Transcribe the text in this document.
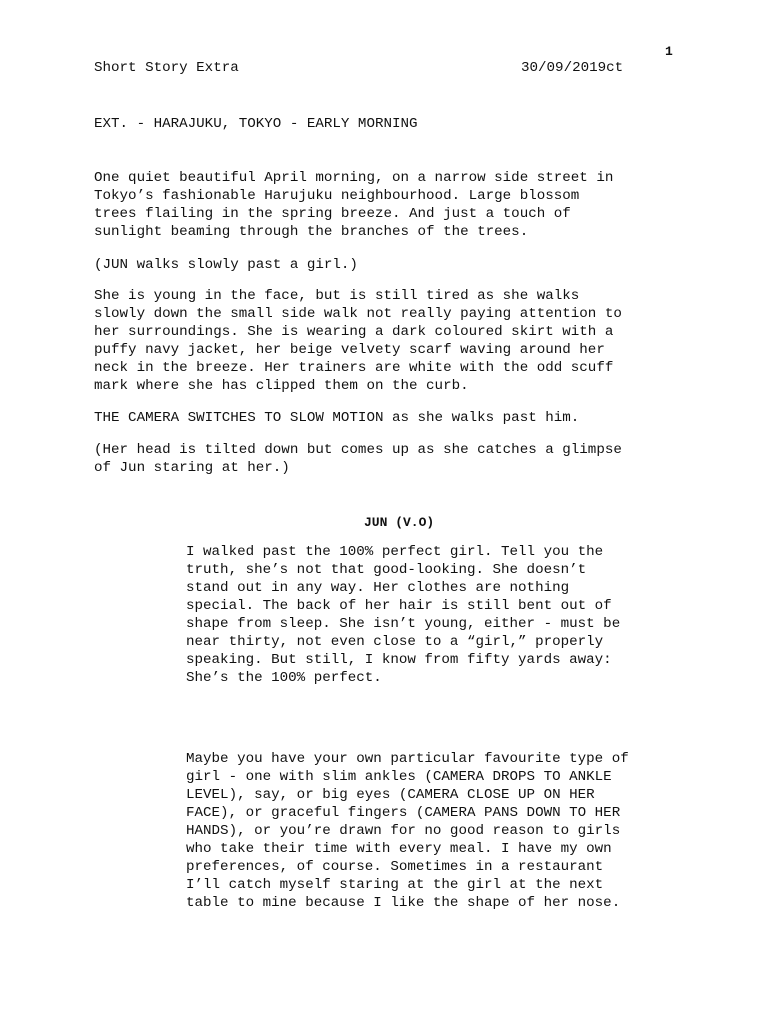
1
Short Story Extra	30/09/2019ct
EXT. - HARAJUKU, TOKYO - EARLY MORNING
One quiet beautiful April morning, on a narrow side street in
Tokyo’s fashionable Harujuku neighbourhood. Large blossom
trees flailing in the spring breeze. And just a touch of
sunlight beaming through the branches of the trees.
(JUN walks slowly past a girl.)
She is young in the face, but is still tired as she walks
slowly down the small side walk not really paying attention to
her surroundings. She is wearing a dark coloured skirt with a
puffy navy jacket, her beige velvety scarf waving around her
neck in the breeze. Her trainers are white with the odd scuff
mark where she has clipped them on the curb.
THE CAMERA SWITCHES TO SLOW MOTION as she walks past him.
(Her head is tilted down but comes up as she catches a glimpse
of Jun staring at her.)
JUN (V.O)
I walked past the 100% perfect girl. Tell you the
truth, she’s not that good-looking. She doesn’t
stand out in any way. Her clothes are nothing
special. The back of her hair is still bent out of
shape from sleep. She isn’t young, either - must be
near thirty, not even close to a “girl,” properly
speaking. But still, I know from fifty yards away:
She’s the 100% perfect.
Maybe you have your own particular favourite type of
girl - one with slim ankles (CAMERA DROPS TO ANKLE
LEVEL), say, or big eyes (CAMERA CLOSE UP ON HER
FACE), or graceful fingers (CAMERA PANS DOWN TO HER
HANDS), or you’re drawn for no good reason to girls
who take their time with every meal. I have my own
preferences, of course. Sometimes in a restaurant
I’ll catch myself staring at the girl at the next
table to mine because I like the shape of her nose.
